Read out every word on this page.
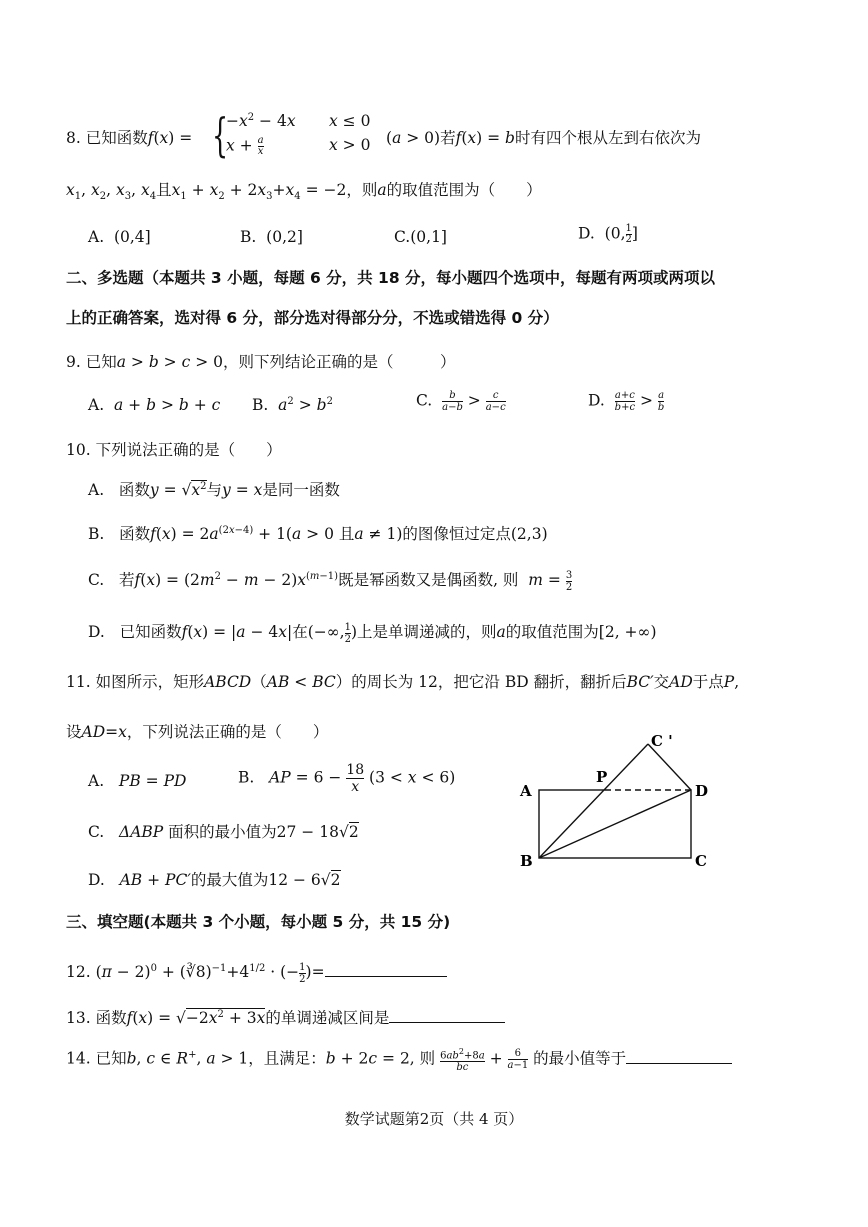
8. 已知函数f(x) = {
$-x^2 - 4x$ x ≤ 0
$x + \frac{a}{x}$	x > 0 (a > 0)若f(x) = b时有四个根从左到右依次为
$x_1$, $x_2$, $x_3$, $x_4$且$x_1 + x_2 + 2x_3+x_4 = -2$，则a的取值范围为（　　）
A.  (0,4]	B.  (0,2]	C.(0,1]	D.  (0,1

2 ]
二、多选题（本题共 3 小题，每题 6 分，共 18 分，每小题四个选项中，每题有两项或两项以
上的正确答案，选对得 6 分，部分选对得部分分，不选或错选得 0 分）
9. 已知a > b > c > 0，则下列结论正确的是（　　　）
A.  a + b > b + c B.  $a^2 > b^2$	C.  $\frac{b}{a-b} > \frac{c}{a-c}$	D.  a+c

$b+c > \frac{a}{b}$
10. 下列说法正确的是（　　）
A.   函数$y = √x^2$与y = x是同一函数
B.   函数$f(x) = 2a^{(2x-4)} + 1(a > 0$ 且a ≠ 1)的图像恒过定点(2,3)
C.   若$f(x) = (2m^2 - m - 2)x^{(m-1)}$既是幂函数又是偶函数, 则  m = 3

2
D.   已知函数f(x) = |a − 4x|在(−∞,1

2 )上是单调递减的，则a的取值范围为[2, +∞)
11. 如图所示，矩形ABCD（AB < BC）的周长为 12，把它沿 BD 翻折，翻折后BC′交AD于点P,
设AD=x，下列说法正确的是（　　）
A.   PB = PD	B.   AP = 6 − 18

x
(3 < x < 6)
C.   ΔABP 面积的最小值为27 − 18√2
D.   AB + PC′的最大值为12 − 6√2
A
B	C
D
P
C '
三、填空题(本题共 3 个小题，每小题 5 分，共 15 分)
12. $(\pi - 2)^0$ + $(∛8)^{-1}+4^{1/2} \cdot (-1$

2 )=
13. 函数$f(x) = √-2x^2 + 3x$的单调递减区间是
14. 已知b, c ∈ R+, a > 1，且满足：b + 2c = 2, 则 $6ab^2+8a$

bc
+ 6

a−1 的最小值等于
数学试题第2页（共 4 页）
